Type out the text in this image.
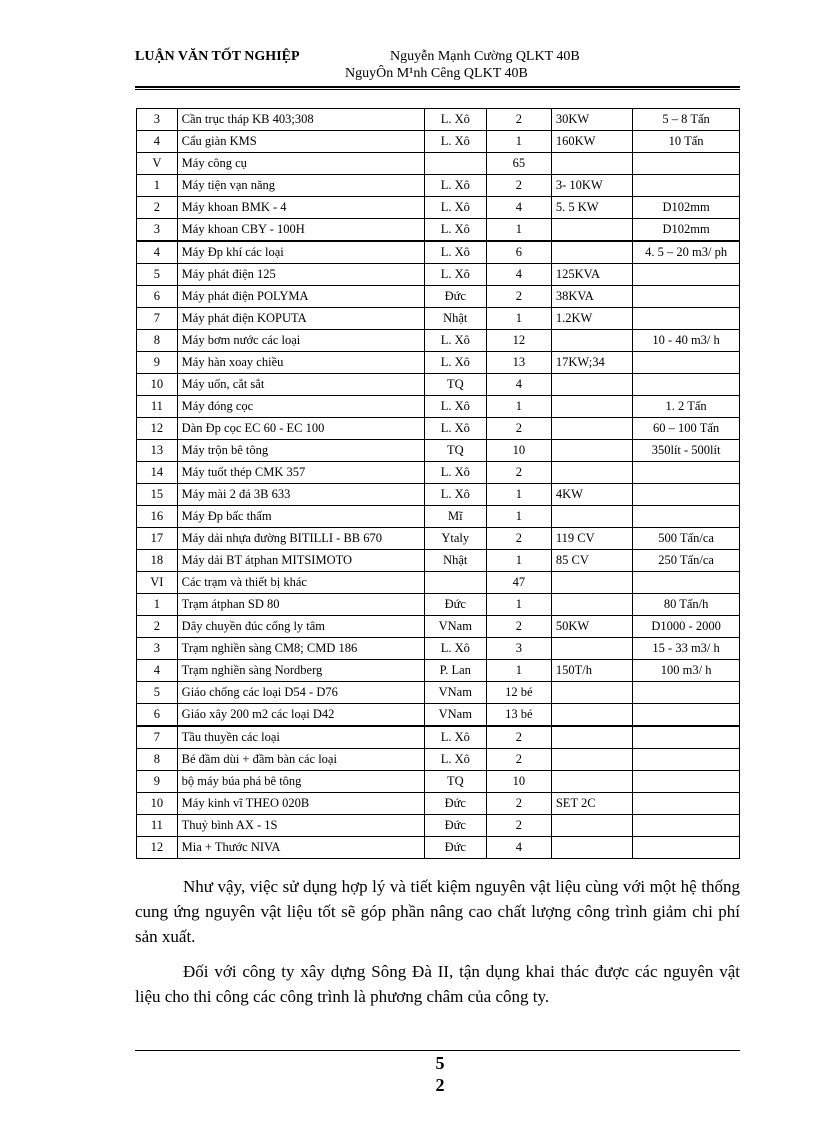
LUẬN VĂN TỐT NGHIỆP	Nguyễn Mạnh Cường QLKT 40B
NguyÔn M¹nh Cêng QLKT 40B
3	Cần trục tháp KB 403;308	L. Xô	2	30KW	5 – 8 Tấn
4	Cẩu giàn KMS	L. Xô	1	160KW	10 Tấn
V	Máy công cụ		65		
1	Máy tiện vạn năng	L. Xô	2	3- 10KW	
2	Máy khoan BMK - 4	L. Xô	4	5. 5 KW	D102mm
3	Máy khoan CBY - 100H	L. Xô	1		D102mm
4	Máy Ðp khí các loại	L. Xô	6		4. 5 – 20 m3/ ph
5	Máy phát điện 125	L. Xô	4	125KVA	
6	Máy phát điện POLYMA	Đức	2	38KVA	
7	Máy phát điện KOPUTA	Nhật	1	1.2KW	
8	Máy bơm nước các loại	L. Xô	12		10 - 40 m3/ h
9	Máy hàn xoay chiều	L. Xô	13	17KW;34	
10	Máy uốn, cắt sắt	TQ	4		
11	Máy đóng cọc	L. Xô	1		1. 2 Tấn
12	Dàn Ðp cọc EC 60 - EC 100	L. Xô	2		60 – 100 Tấn
13	Máy trộn bê tông	TQ	10		350lít - 500lít
14	Máy tuốt thép CMK 357	L. Xô	2		
15	Máy mài 2 đá 3B 633	L. Xô	1	4KW	
16	Máy Ðp bấc thấm	Mĩ	1		
17	Máy dải nhựa đường BITILLI - BB 670	Ytaly	2	119 CV	500 Tấn/ca
18	Máy dải BT átphan MITSIMOTO	Nhật	1	85 CV	250 Tấn/ca
VI	Các trạm và thiết bị khác		47		
1	Trạm átphan SD 80	Đức	1		80 Tấn/h
2	Dây chuyền đúc cống ly tâm	VNam	2	50KW	D1000 - 2000
3	Trạm nghiền sàng CM8; CMD 186	L. Xô	3		15 - 33 m3/ h
4	Trạm nghiền sàng Nordberg	P. Lan	1	150T/h	100 m3/ h
5	Giáo chống các loại D54 - D76	VNam	12 bé		
6	Giáo xây 200 m2 các loại D42	VNam	13 bé		
7	Tầu thuyền các loại	L. Xô	2		
8	Bé đầm dùi + đầm bàn các loại	L. Xô	2		
9	bộ máy búa phá bê tông	TQ	10		
10	Máy kinh vĩ THEO 020B	Đức	2	SET 2C	
11	Thuỷ bình AX - 1S	Đức	2		
12	Mia + Thước NIVA	Đức	4		
Như vậy, việc sử dụng hợp lý và tiết kiệm nguyên vật liệu cùng với một hệ thống cung ứng nguyên vật liệu tốt sẽ góp phần nâng cao chất lượng công trình giảm chi phí sản xuất.
Đối với công ty xây dựng Sông Đà II, tận dụng khai thác được các nguyên vật liệu cho thi công các công trình là phương châm của công ty.
5
2
